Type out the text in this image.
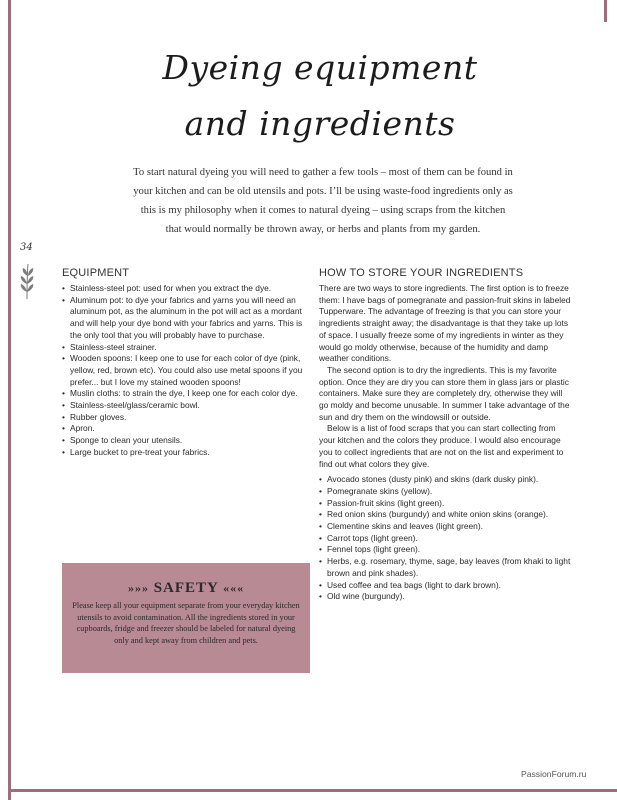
Dyeing equipment
and ingredients
To start natural dyeing you will need to gather a few tools – most of them can be found in your kitchen and can be old utensils and pots. I’ll be using waste-food ingredients only as this is my philosophy when it comes to natural dyeing – using scraps from the kitchen that would normally be thrown away, or herbs and plants from my garden.
34
EQUIPMENT
• Stainless-steel pot: used for when you extract the dye.
• Aluminum pot: to dye your fabrics and yarns you will need an aluminum pot, as the aluminum in the pot will act as a mordant and will help your dye bond with your fabrics and yarns. This is the only tool that you will probably have to purchase.
• Stainless-steel strainer.
• Wooden spoons: I keep one to use for each color of dye (pink, yellow, red, brown etc). You could also use metal spoons if you prefer... but I love my stained wooden spoons!
• Muslin cloths: to strain the dye, I keep one for each color dye.
• Stainless-steel/glass/ceramic bowl.
• Rubber gloves.
• Apron.
• Sponge to clean your utensils.
• Large bucket to pre-treat your fabrics.
»»» SAFETY «««
Please keep all your equipment separate from your everyday kitchen utensils to avoid contamination. All the ingredients stored in your cupboards, fridge and freezer should be labeled for natural dyeing only and kept away from children and pets.
HOW TO STORE YOUR INGREDIENTS

There are two ways to store ingredients. The first option is to freeze them: I have bags of pomegranate and passion-fruit skins in labeled Tupperware. The advantage of freezing is that you can store your ingredients straight away; the disadvantage is that they take up lots of space. I usually freeze some of my ingredients in winter as they would go moldy otherwise, because of the humidity and damp weather conditions.

The second option is to dry the ingredients. This is my favorite option. Once they are dry you can store them in glass jars or plastic containers. Make sure they are completely dry, otherwise they will go moldy and become unusable. In summer I take advantage of the sun and dry them on the windowsill or outside.

Below is a list of food scraps that you can start collecting from your kitchen and the colors they produce. I would also encourage you to collect ingredients that are not on the list and experiment to find out what colors they give.

• Avocado stones (dusty pink) and skins (dark dusky pink).
• Pomegranate skins (yellow).
• Passion-fruit skins (light green).
• Red onion skins (burgundy) and white onion skins (orange).
• Clementine skins and leaves (light green).
• Carrot tops (light green).
• Fennel tops (light green).
• Herbs, e.g. rosemary, thyme, sage, bay leaves (from khaki to light brown and pink shades).
• Used coffee and tea bags (light to dark brown).
• Old wine (burgundy).
PassionForum.ru
